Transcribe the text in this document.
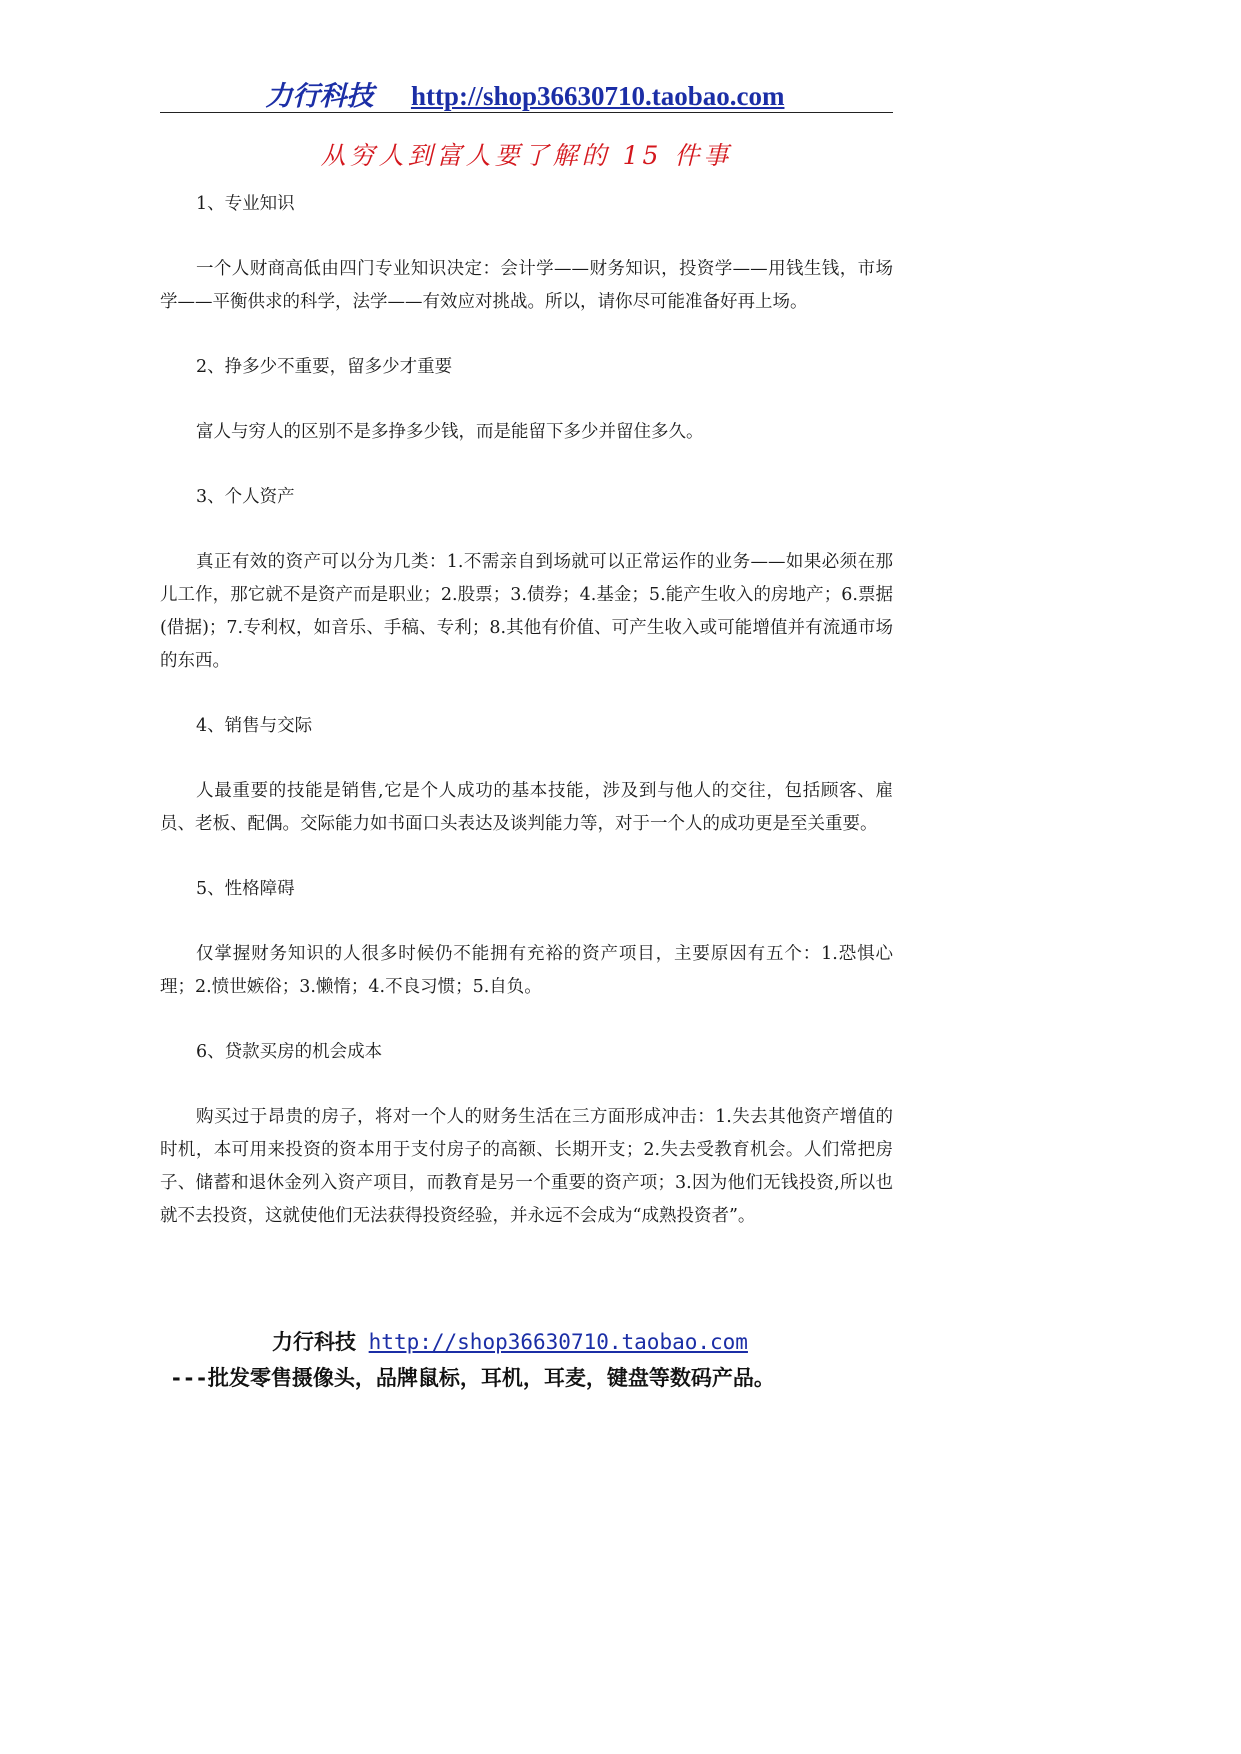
力行科技 http://shop36630710.taobao.com
从穷人到富人要了解的 15 件事

1、专业知识

一个人财商高低由四门专业知识决定：会计学——财务知识，投资学——用钱生钱，市场学——平衡供求的科学，法学——有效应对挑战。所以，请你尽可能准备好再上场。

2、挣多少不重要，留多少才重要

富人与穷人的区别不是多挣多少钱，而是能留下多少并留住多久。

3、个人资产

真正有效的资产可以分为几类：1.不需亲自到场就可以正常运作的业务——如果必须在那儿工作，那它就不是资产而是职业；2.股票；3.债券；4.基金；5.能产生收入的房地产；6.票据(借据)；7.专利权，如音乐、手稿、专利；8.其他有价值、可产生收入或可能增值并有流通市场的东西。

4、销售与交际

人最重要的技能是销售,它是个人成功的基本技能，涉及到与他人的交往，包括顾客、雇员、老板、配偶。交际能力如书面口头表达及谈判能力等，对于一个人的成功更是至关重要。

5、性格障碍

仅掌握财务知识的人很多时候仍不能拥有充裕的资产项目，主要原因有五个：1.恐惧心理；2.愤世嫉俗；3.懒惰；4.不良习惯；5.自负。

6、贷款买房的机会成本

购买过于昂贵的房子，将对一个人的财务生活在三方面形成冲击：1.失去其他资产增值的时机，本可用来投资的资本用于支付房子的高额、长期开支；2.失去受教育机会。人们常把房子、储蓄和退休金列入资产项目，而教育是另一个重要的资产项；3.因为他们无钱投资,所以也就不去投资，这就使他们无法获得投资经验，并永远不会成为“成熟投资者”。

力行科技 http://shop36630710.taobao.com
---批发零售摄像头，品牌鼠标，耳机，耳麦，键盘等数码产品。
